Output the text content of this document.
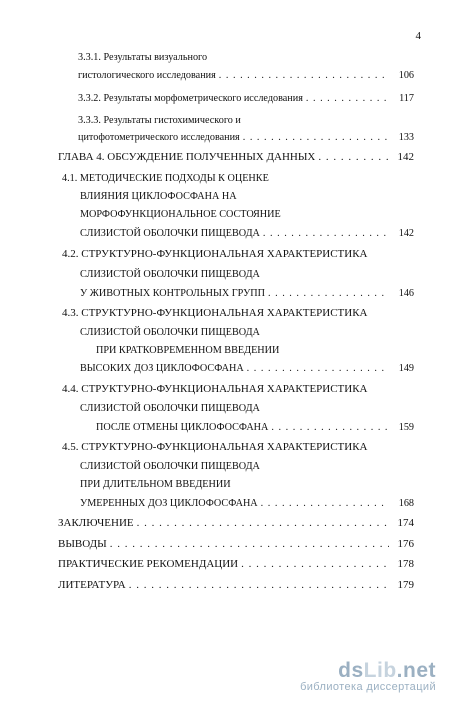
4
3.3.1. Результаты визуального
гистологического исследования . . .	106
3.3.2. Результаты морфометрического исследования . . .	117
3.3.3. Результаты гистохимического и
цитофотометрического исследования . . .	133
ГЛАВА 4. ОБСУЖДЕНИЕ ПОЛУЧЕННЫХ ДАННЫХ . . .	142
4.1. МЕТОДИЧЕСКИЕ ПОДХОДЫ К ОЦЕНКЕ
ВЛИЯНИЯ ЦИКЛОФОСФАНА НА
МОРФОФУНКЦИОНАЛЬНОЕ СОСТОЯНИЕ
СЛИЗИСТОЙ ОБОЛОЧКИ ПИЩЕВОДА . . .	142
4.2. СТРУКТУРНО-ФУНКЦИОНАЛЬНАЯ ХАРАКТЕРИСТИКА
СЛИЗИСТОЙ ОБОЛОЧКИ ПИЩЕВОДА
У ЖИВОТНЫХ КОНТРОЛЬНЫХ ГРУПП . . .	146
4.3. СТРУКТУРНО-ФУНКЦИОНАЛЬНАЯ ХАРАКТЕРИСТИКА
СЛИЗИСТОЙ ОБОЛОЧКИ ПИЩЕВОДА
ПРИ КРАТКОВРЕМЕННОМ ВВЕДЕНИИ
ВЫСОКИХ ДОЗ ЦИКЛОФОСФАНА . . .	149
4.4. СТРУКТУРНО-ФУНКЦИОНАЛЬНАЯ ХАРАКТЕРИСТИКА
СЛИЗИСТОЙ ОБОЛОЧКИ ПИЩЕВОДА
ПОСЛЕ ОТМЕНЫ ЦИКЛОФОСФАНА . . .	159
4.5. СТРУКТУРНО-ФУНКЦИОНАЛЬНАЯ ХАРАКТЕРИСТИКА
СЛИЗИСТОЙ ОБОЛОЧКИ ПИЩЕВОДА
ПРИ ДЛИТЕЛЬНОМ ВВЕДЕНИИ
УМЕРЕННЫХ ДОЗ ЦИКЛОФОСФАНА . . .	168
ЗАКЛЮЧЕНИЕ . . .	174
ВЫВОДЫ . . .	176
ПРАКТИЧЕСКИЕ РЕКОМЕНДАЦИИ . . .	178
ЛИТЕРАТУРА . . .	179
dsLib.net
библиотека диссертаций
